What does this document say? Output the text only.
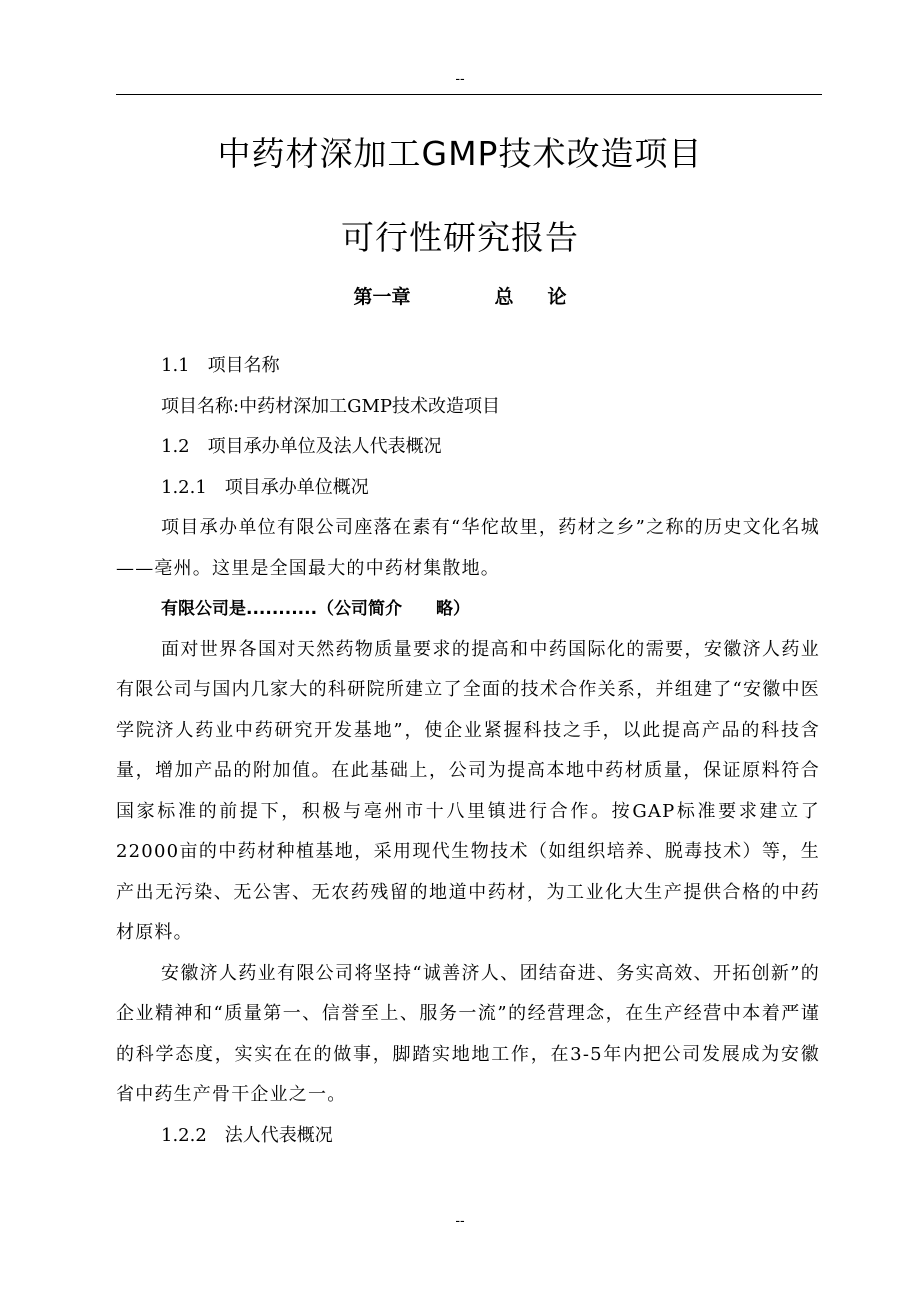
--
中药材深加工GMP技术改造项目
可行性研究报告
第一章	总 论

1.1　项目名称

项目名称:中药材深加工GMP技术改造项目

1.2　项目承办单位及法人代表概况

1.2.1　项目承办单位概况

项目承办单位有限公司座落在素有“华佗故里，药材之乡”之称的历史文化名城——亳州。这里是全国最大的中药材集散地。

有限公司是...........（公司简介　　略）

面对世界各国对天然药物质量要求的提高和中药国际化的需要，安徽济人药业有限公司与国内几家大的科研院所建立了全面的技术合作关系，并组建了“安徽中医学院济人药业中药研究开发基地”，使企业紧握科技之手，以此提高产品的科技含量，增加产品的附加值。在此基础上，公司为提高本地中药材质量，保证原料符合国家标准的前提下，积极与亳州市十八里镇进行合作。按GAP标准要求建立了22000亩的中药材种植基地，采用现代生物技术（如组织培养、脱毒技术）等，生产出无污染、无公害、无农药残留的地道中药材，为工业化大生产提供合格的中药材原料。

安徽济人药业有限公司将坚持“诚善济人、团结奋进、务实高效、开拓创新”的企业精神和“质量第一、信誉至上、服务一流”的经营理念，在生产经营中本着严谨的科学态度，实实在在的做事，脚踏实地地工作，在3-5年内把公司发展成为安徽省中药生产骨干企业之一。

1.2.2　法人代表概况

--
